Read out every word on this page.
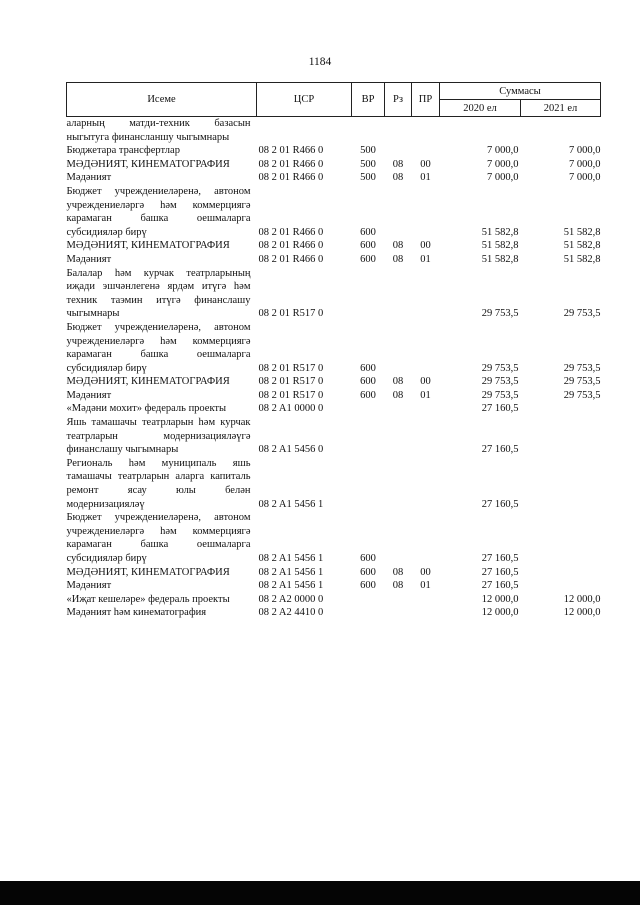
1184
Исеме	ЦСР	ВР	Рз	ПР	Суммасы	
					2020 ел	2021 ел
аларның матди-техник базасын ныгытуга финансланшу чыгымнары						
Бюджетара трансфертлар	08 2 01 R466 0	500			7 000,0	7 000,0
МӘДӘНИЯТ, КИНЕМАТОГРАФИЯ	08 2 01 R466 0	500	08	00	7 000,0	7 000,0
Мәдәният	08 2 01 R466 0	500	08	01	7 000,0	7 000,0
Бюджет учреждениеләренә, автоном учреждениеләргә һәм коммерциягә карамаган башка оешмаларга субсидияләр бирү	08 2 01 R466 0	600			51 582,8	51 582,8
МӘДӘНИЯТ, КИНЕМАТОГРАФИЯ	08 2 01 R466 0	600	08	00	51 582,8	51 582,8
Мәдәният	08 2 01 R466 0	600	08	01	51 582,8	51 582,8
Балалар һәм курчак театрларының иҗади эшчәнлегенә ярдәм итүгә һәм техник таэмин итүгә финанслашу чыгымнары	08 2 01 R517 0				29 753,5	29 753,5
Бюджет учреждениеләренә, автоном учреждениеләргә һәм коммерциягә карамаган башка оешмаларга субсидияләр бирү	08 2 01 R517 0	600			29 753,5	29 753,5
МӘДӘНИЯТ, КИНЕМАТОГРАФИЯ	08 2 01 R517 0	600	08	00	29 753,5	29 753,5
Мәдәният	08 2 01 R517 0	600	08	01	29 753,5	29 753,5
«Мәдәни мохит» федераль проекты	08 2 A1 0000 0				27 160,5	
Яшь тамашачы театрларын һәм курчак театрларын модернизацияләүгә финанслашу чыгымнары	08 2 A1 5456 0				27 160,5	
Региональ һәм муниципаль яшь тамашачы театрларын аларга капиталь ремонт ясау юлы белән модернизацияләү	08 2 A1 5456 1				27 160,5	
Бюджет учреждениеләренә, автоном учреждениеләргә һәм коммерциягә карамаган башка оешмаларга субсидияләр бирү	08 2 A1 5456 1	600			27 160,5	
МӘДӘНИЯТ, КИНЕМАТОГРАФИЯ	08 2 A1 5456 1	600	08	00	27 160,5	
Мәдәният	08 2 A1 5456 1	600	08	01	27 160,5	
«Иҗат кешеләре» федераль проекты	08 2 A2 0000 0				12 000,0	12 000,0
Мәдәният һәм кинематография	08 2 A2 4410 0				12 000,0	12 000,0
